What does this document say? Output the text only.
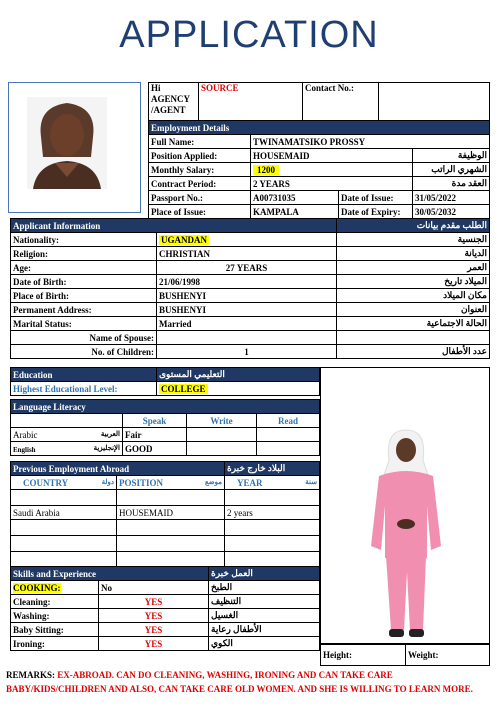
APPLICATION
Hi AGENCY /AGENT	SOURCE	Contact No.:	
Employment Details			
Full Name:	TWINAMATSIKO PROSSY		
Position Applied:	HOUSEMAID		الوظيفة
Monthly Salary:	1200		الشهري الراتب
Contract Period:	2 YEARS		العقد مدة
Passport No.:	A00731035	Date of Issue:	31/05/2022
Place of Issue:	KAMPALA	Date of Expiry:	30/05/2032
Applicant Information		الطلب مقدم بيانات
Nationality:	UGANDAN	الجنسية
Religion:	CHRISTIAN	الديانة
Age:	27 YEARS	العمر
Date of Birth:	21/06/1998	الميلاد تاريخ
Place of Birth:	BUSHENYI	مكان الميلاد
Permanent Address:	BUSHENYI	العنوان
Marital Status:	Married	الحالة الاجتماعية
Name of Spouse:		
No. of Children:	1	عدد الأطفال
Education	التعليمي المستوى
Highest Educational Level:	COLLEGE
Language Literacy			
	Speak	Write	Read
Arabic العربية	Fair		
English الإنجليزية	GOOD		
Previous Employment Abroad		البلاد خارج خبرة
COUNTRY دولة	POSITION موضع	YEAR سنة

Saudi Arabia	HOUSEMAID	2 years

Skills and Experience		العمل خبرة
COOKING:	No	الطبخ
Cleaning:	YES	التنظيف
Washing:	YES	الغسيل
Baby Sitting:	YES	الأطفال رعاية
Ironing:	YES	الكوي
Height:	Weight:
REMARKS: EX-ABROAD. CAN DO CLEANING, WASHING, IRONING AND CAN TAKE CARE BABY/KIDS/CHILDREN AND ALSO, CAN TAKE CARE OLD WOMEN. AND SHE IS WILLING TO LEARN MORE.
